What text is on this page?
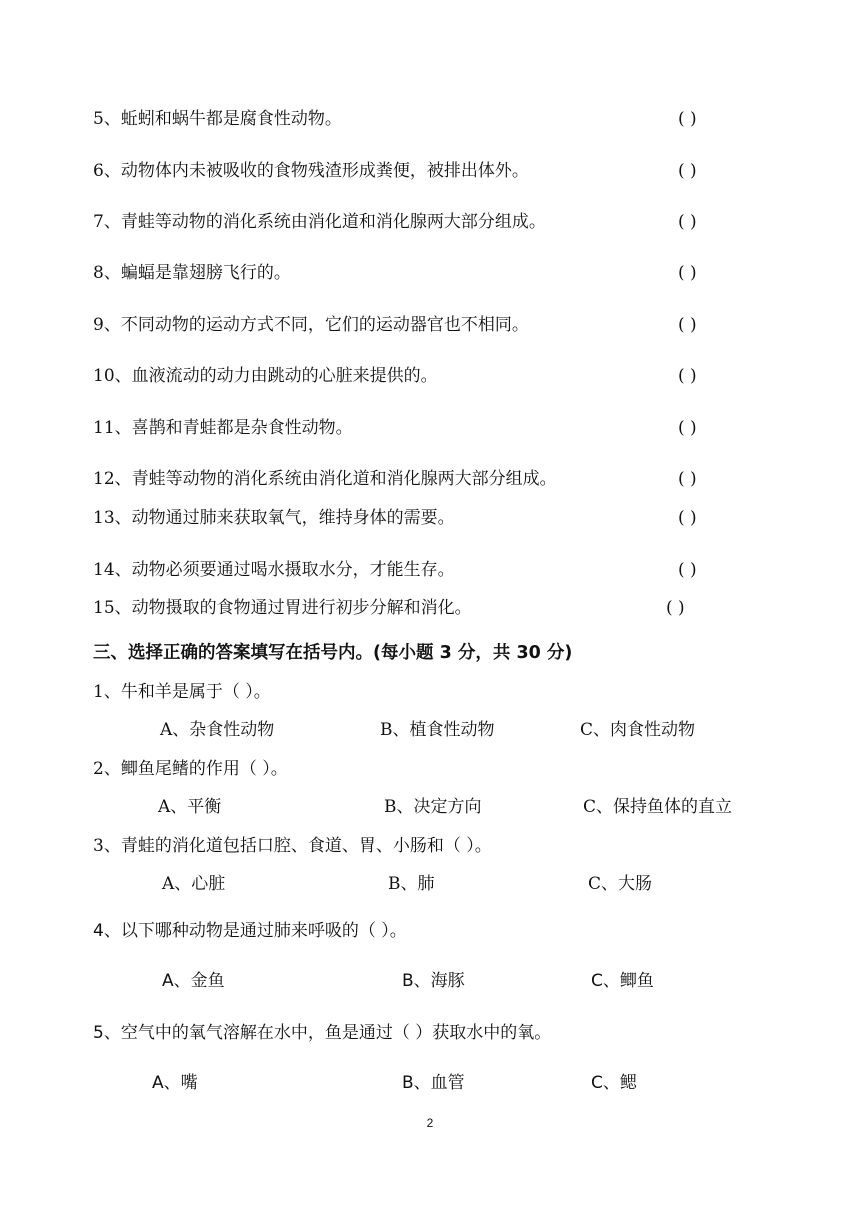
5、蚯蚓和蜗牛都是腐食性动物。	( )
6、动物体内未被吸收的食物残渣形成粪便，被排出体外。	( )
7、青蛙等动物的消化系统由消化道和消化腺两大部分组成。	( )
8、蝙蝠是靠翅膀飞行的。	( )
9、不同动物的运动方式不同，它们的运动器官也不相同。	( )
10、血液流动的动力由跳动的心脏来提供的。	( )
11、喜鹊和青蛙都是杂食性动物。	( )
12、青蛙等动物的消化系统由消化道和消化腺两大部分组成。	( )
13、动物通过肺来获取氧气，维持身体的需要。	( )
14、动物必须要通过喝水摄取水分，才能生存。	( )
15、动物摄取的食物通过胃进行初步分解和消化。	( )
三、选择正确的答案填写在括号内。(每小题 3 分，共 30 分)
1、牛和羊是属于（ ）。
A、杂食性动物	B、植食性动物	C、肉食性动物
2、鲫鱼尾鳍的作用（ ）。
A、平衡	B、决定方向	C、保持鱼体的直立
3、青蛙的消化道包括口腔、食道、胃、小肠和（ ）。
A、心脏	B、肺	C、大肠
4、以下哪种动物是通过肺来呼吸的（ ）。
A、金鱼	B、海豚	C、鲫鱼
5、空气中的氧气溶解在水中，鱼是通过（ ）获取水中的氧。
A、嘴	B、血管	C、鳃
2
